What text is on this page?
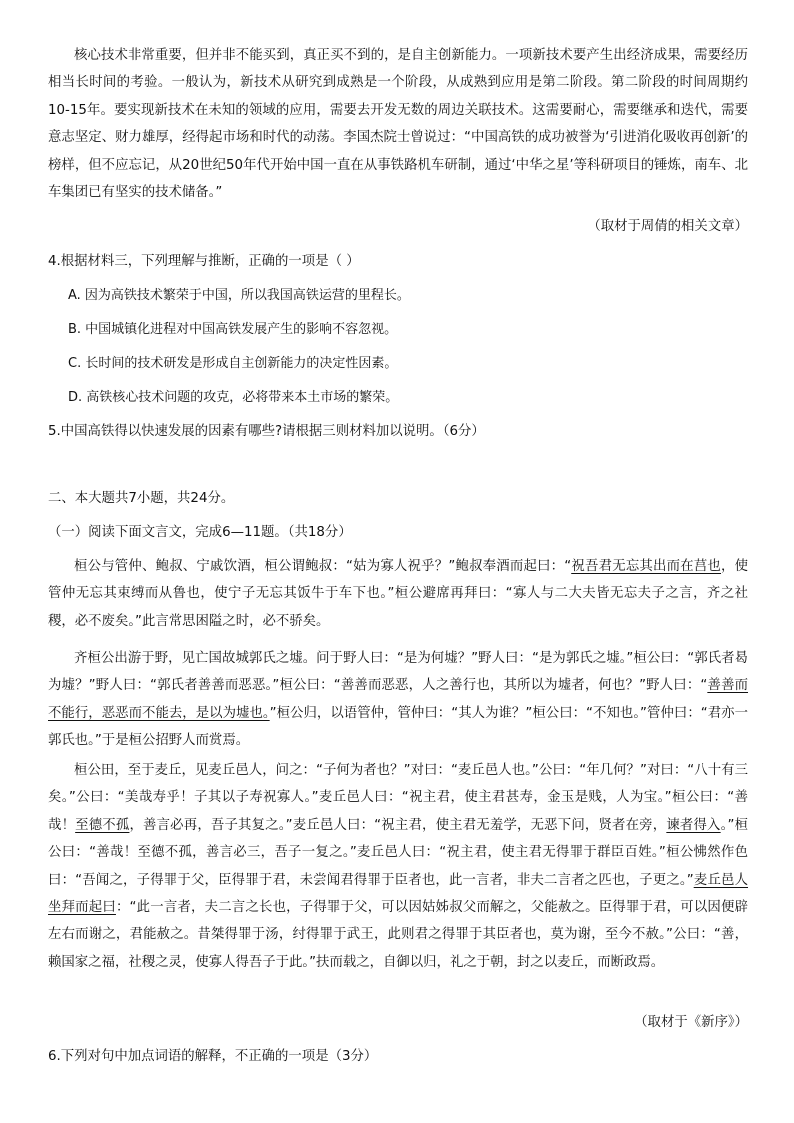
核心技术非常重要，但并非不能买到，真正买不到的，是自主创新能力。一项新技术要产生出经济成果，需要经历相当长时间的考验。一般认为，新技术从研究到成熟是一个阶段，从成熟到应用是第二阶段。第二阶段的时间周期约10-15年。要实现新技术在未知的领域的应用，需要去开发无数的周边关联技术。这需要耐心，需要继承和迭代，需要意志坚定、财力雄厚，经得起市场和时代的动荡。李国杰院士曾说过：“中国高铁的成功被誉为‘引进消化吸收再创新’的榜样，但不应忘记，从20世纪50年代开始中国一直在从事铁路机车研制，通过‘中华之星’等科研项目的锤炼，南车、北车集团已有坚实的技术储备。”
（取材于周倩的相关文章）
4.根据材料三，下列理解与推断，正确的一项是（ ）
A. 因为高铁技术繁荣于中国，所以我国高铁运营的里程长。
B. 中国城镇化进程对中国高铁发展产生的影响不容忽视。
C. 长时间的技术研发是形成自主创新能力的决定性因素。
D. 高铁核心技术问题的攻克，必将带来本土市场的繁荣。
5.中国高铁得以快速发展的因素有哪些?请根据三则材料加以说明。（6分）
二、本大题共7小题，共24分。
（一）阅读下面文言文，完成6—11题。（共18分）
桓公与管仲、鲍叔、宁戚饮酒，桓公谓鲍叔：“姑为寡人祝乎？”鲍叔奉酒而起曰：“祝吾君无忘其出而在莒也，使管仲无忘其束缚而从鲁也，使宁子无忘其饭牛于车下也。”桓公避席再拜曰：“寡人与二大夫皆无忘夫子之言，齐之社稷，必不废矣。”此言常思困隘之时，必不骄矣。
齐桓公出游于野，见亡国故城郭氏之墟。问于野人曰：“是为何墟？”野人曰：“是为郭氏之墟。”桓公曰：“郭氏者曷为墟？”野人曰：“郭氏者善善而恶恶。”桓公曰：“善善而恶恶，人之善行也，其所以为墟者，何也？”野人曰：“善善而不能行，恶恶而不能去，是以为墟也。”桓公归，以语管仲，管仲曰：“其人为谁？”桓公曰：“不知也。”管仲曰：“君亦一郭氏也。”于是桓公招野人而赏焉。
桓公田，至于麦丘，见麦丘邑人，问之：“子何为者也？”对曰：“麦丘邑人也。”公曰：“年几何？”对曰：“八十有三矣。”公曰：“美哉寿乎！子其以子寿祝寡人。”麦丘邑人曰：“祝主君，使主君甚寿，金玉是贱，人为宝。”桓公曰：“善哉！至德不孤，善言必再，吾子其复之。”麦丘邑人曰：“祝主君，使主君无羞学，无恶下问，贤者在旁，谏者得入。”桓公曰：“善哉！至德不孤，善言必三，吾子一复之。”麦丘邑人曰：“祝主君，使主君无得罪于群臣百姓。”桓公怫然作色曰：“吾闻之，子得罪于父，臣得罪于君，未尝闻君得罪于臣者也，此一言者，非夫二言者之匹也，子更之。”麦丘邑人坐拜而起曰：“此一言者，夫二言之长也，子得罪于父，可以因姑姊叔父而解之，父能赦之。臣得罪于君，可以因便辟左右而谢之，君能赦之。昔桀得罪于汤，纣得罪于武王，此则君之得罪于其臣者也，莫为谢，至今不赦。”公曰：“善，赖国家之福，社稷之灵，使寡人得吾子于此。”扶而载之，自御以归，礼之于朝，封之以麦丘，而断政焉。
（取材于《新序》）
6.下列对句中加点词语的解释，不正确的一项是（3分）
